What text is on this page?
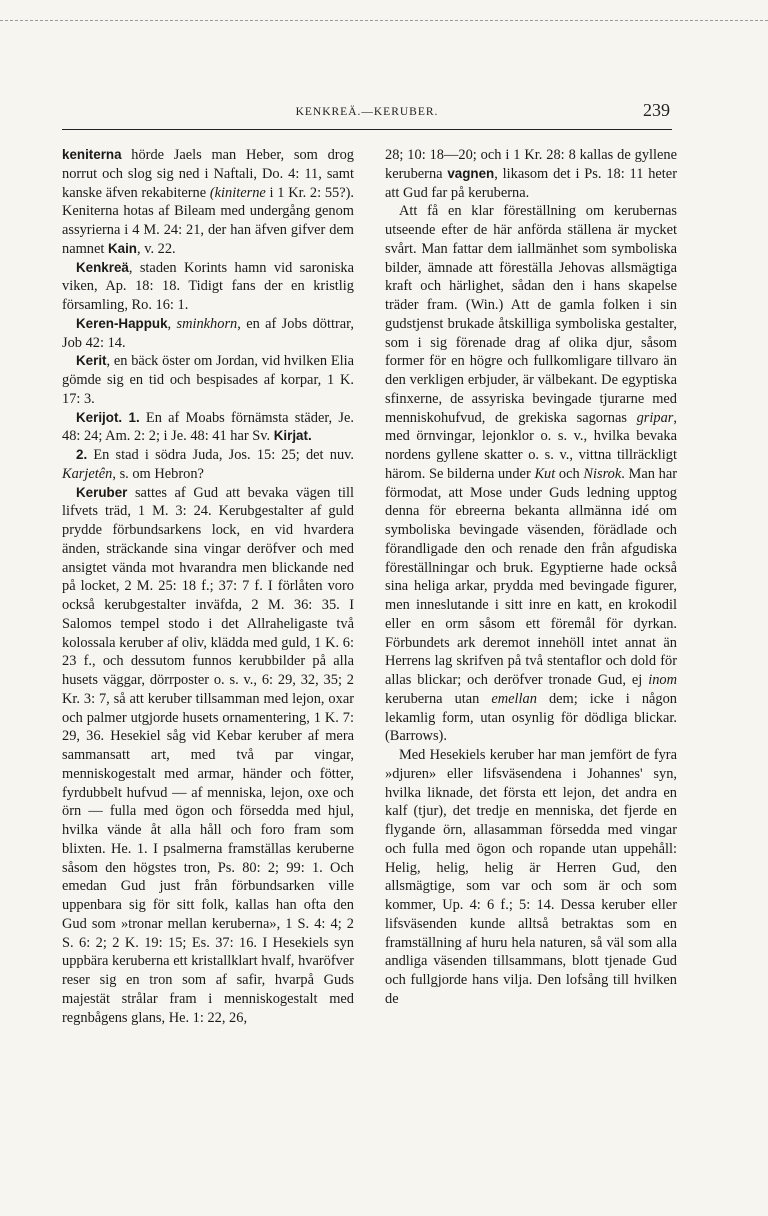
KENKREÄ.—KERUBER.	239

keniterna hörde Jaels man Heber, som drog norrut och slog sig ned i Naftali, Do. 4: 11, samt kanske äfven rekabiterne (kiniterne i 1 Kr. 2: 55?). Keniterna hotas af Bileam med undergång genom assyrierna i 4 M. 24: 21, der han äfven gifver dem namnet Kain, v. 22.

Kenkreä, staden Korints hamn vid saroniska viken, Ap. 18: 18. Tidigt fans der en kristlig församling, Ro. 16: 1.

Keren-Happuk, sminkhorn, en af Jobs döttrar, Job 42: 14.

Kerit, en bäck öster om Jordan, vid hvilken Elia gömde sig en tid och bespisades af korpar, 1 K. 17: 3.

Kerijot. 1. En af Moabs förnämsta städer, Je. 48: 24; Am. 2: 2; i Je. 48: 41 har Sv. Kirjat.

2. En stad i södra Juda, Jos. 15: 25; det nuv. Karjetên, s. om Hebron?

Keruber sattes af Gud att bevaka vägen till lifvets träd, 1 M. 3: 24. Kerubgestalter af guld prydde förbundsarkens lock, en vid hvardera änden, sträckande sina vingar deröfver och med ansigtet vända mot hvarandra men blickande ned på locket, 2 M. 25: 18 f.; 37: 7 f. I förlåten voro också kerubgestalter inväfda, 2 M. 36: 35. I Salomos tempel stodo i det Allraheligaste två kolossala keruber af oliv, klädda med guld, 1 K. 6: 23 f., och dessutom funnos kerubbilder på alla husets väggar, dörrposter o. s. v., 6: 29, 32, 35; 2 Kr. 3: 7, så att keruber tillsamman med lejon, oxar och palmer utgjorde husets ornamentering, 1 K. 7: 29, 36. Hesekiel såg vid Kebar keruber af mera sammansatt art, med två par vingar, menniskogestalt med armar, händer och fötter, fyrdubbelt hufvud — af menniska, lejon, oxe och örn — fulla med ögon och försedda med hjul, hvilka vände åt alla håll och foro fram som blixten. He. 1. I psalmerna framställas keruberne såsom den högstes tron, Ps. 80: 2; 99: 1. Och emedan Gud just från förbundsarken ville uppenbara sig för sitt folk, kallas han ofta den Gud som »tronar mellan keruberna», 1 S. 4: 4; 2 S. 6: 2; 2 K. 19: 15; Es. 37: 16. I Hesekiels syn uppbära keruberna ett kristallklart hvalf, hvaröfver reser sig en tron som af safir, hvarpå Guds majestät strålar fram i menniskogestalt med regnbågens glans, He. 1: 22, 26,

28; 10: 18—20; och i 1 Kr. 28: 8 kallas de gyllene keruberna vagnen, likasom det i Ps. 18: 11 heter att Gud far på keruberna.

Att få en klar föreställning om kerubernas utseende efter de här anförda ställena är mycket svårt. Man fattar dem iallmänhet som symboliska bilder, ämnade att föreställa Jehovas allsmägtiga kraft och härlighet, sådan den i hans skapelse träder fram. (Win.) Att de gamla folken i sin gudstjenst brukade åtskilliga symboliska gestalter, som i sig förenade drag af olika djur, såsom former för en högre och fullkomligare tillvaro än den verkligen erbjuder, är välbekant. De egyptiska sfinxerne, de assyriska bevingade tjurarne med menniskohufvud, de grekiska sagornas gripar, med örnvingar, lejonklor o. s. v., hvilka bevaka nordens gyllene skatter o. s. v., vittna tillräckligt härom. Se bilderna under Kut och Nisrok. Man har förmodat, att Mose under Guds ledning upptog denna för ebreerna bekanta allmänna idé om symboliska bevingade väsenden, förädlade och förandligade den och renade den från afgudiska föreställningar och bruk. Egyptierne hade också sina heliga arkar, prydda med bevingade figurer, men inneslutande i sitt inre en katt, en krokodil eller en orm såsom ett föremål för dyrkan. Förbundets ark deremot innehöll intet annat än Herrens lag skrifven på två stentaflor och dold för allas blickar; och deröfver tronade Gud, ej inom keruberna utan emellan dem; icke i någon lekamlig form, utan osynlig för dödliga blickar. (Barrows).

Med Hesekiels keruber har man jemfört de fyra »djuren» eller lifsväsendena i Johannes' syn, hvilka liknade, det första ett lejon, det andra en kalf (tjur), det tredje en menniska, det fjerde en flygande örn, allasamman försedda med vingar och fulla med ögon och ropande utan uppehåll: Helig, helig, helig är Herren Gud, den allsmägtige, som var och som är och som kommer, Up. 4: 6 f.; 5: 14. Dessa keruber eller lifsväsenden kunde alltså betraktas som en framställning af huru hela naturen, så väl som alla andliga väsenden tillsammans, blott tjenade Gud och fullgjorde hans vilja. Den lofsång till hvilken de
